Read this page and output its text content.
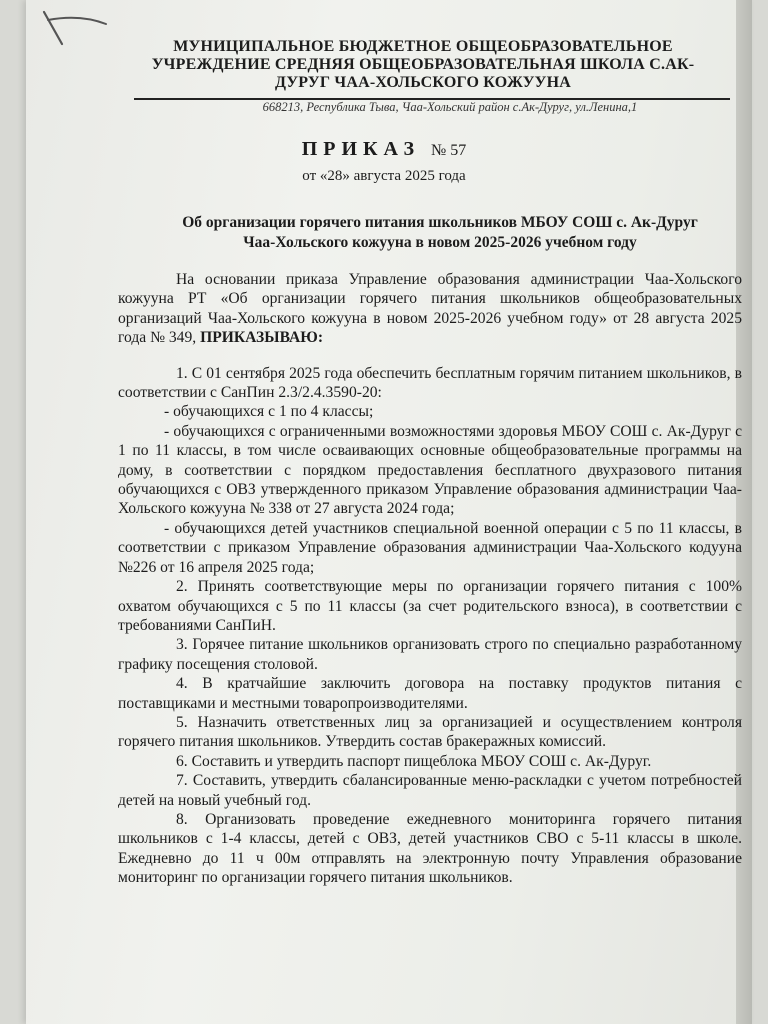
МУНИЦИПАЛЬНОЕ БЮДЖЕТНОЕ ОБЩЕОБРАЗОВАТЕЛЬНОЕ
УЧРЕЖДЕНИЕ СРЕДНЯЯ ОБЩЕОБРАЗОВАТЕЛЬНАЯ ШКОЛА С.АК-
ДУРУГ ЧАА-ХОЛЬСКОГО КОЖУУНА
668213, Республика Тыва, Чаа-Хольский район с.Ак-Дуруг, ул.Ленина,1
ПРИКАЗ № 57
от «28» августа 2025 года
Об организации горячего питания школьников МБОУ СОШ с. Ак-Дуруг
Чаа-Хольского кожууна в новом 2025-2026 учебном году

На основании приказа Управление образования администрации Чаа-Хольского кожууна РТ «Об организации горячего питания школьников общеобразовательных организаций Чаа-Хольского кожууна в новом 2025-2026 учебном году» от 28 августа 2025 года № 349, ПРИКАЗЫВАЮ:

1. С 01 сентября 2025 года обеспечить бесплатным горячим питанием школьников, в соответствии с СанПин 2.3/2.4.3590-20:

- обучающихся с 1 по 4 классы;

- обучающихся с ограниченными возможностями здоровья МБОУ СОШ с. Ак-Дуруг с 1 по 11 классы, в том числе осваивающих основные общеобразовательные программы на дому, в соответствии с порядком предоставления бесплатного двухразового питания обучающихся с ОВЗ утвержденного приказом Управление образования администрации Чаа-Хольского кожууна № 338 от 27 августа 2024 года;

- обучающихся детей участников специальной военной операции с 5 по 11 классы, в соответствии с приказом Управление образования администрации Чаа-Хольского кодууна №226 от 16 апреля 2025 года;

2. Принять соответствующие меры по организации горячего питания с 100% охватом обучающихся с 5 по 11 классы (за счет родительского взноса), в соответствии с требованиями СанПиН.

3. Горячее питание школьников организовать строго по специально разработанному графику посещения столовой.

4. В кратчайшие заключить договора на поставку продуктов питания с поставщиками и местными товаропроизводителями.

5. Назначить ответственных лиц за организацией и осуществлением контроля горячего питания школьников. Утвердить состав бракеражных комиссий.

6. Составить и утвердить паспорт пищеблока МБОУ СОШ с. Ак-Дуруг.

7. Составить, утвердить сбалансированные меню-раскладки с учетом потребностей детей на новый учебный год.

8. Организовать проведение ежедневного мониторинга горячего питания школьников с 1-4 классы, детей с ОВЗ, детей участников СВО с 5-11 классы в школе. Ежедневно до 11 ч 00м отправлять на электронную почту Управления образование мониторинг по организации горячего питания школьников.
